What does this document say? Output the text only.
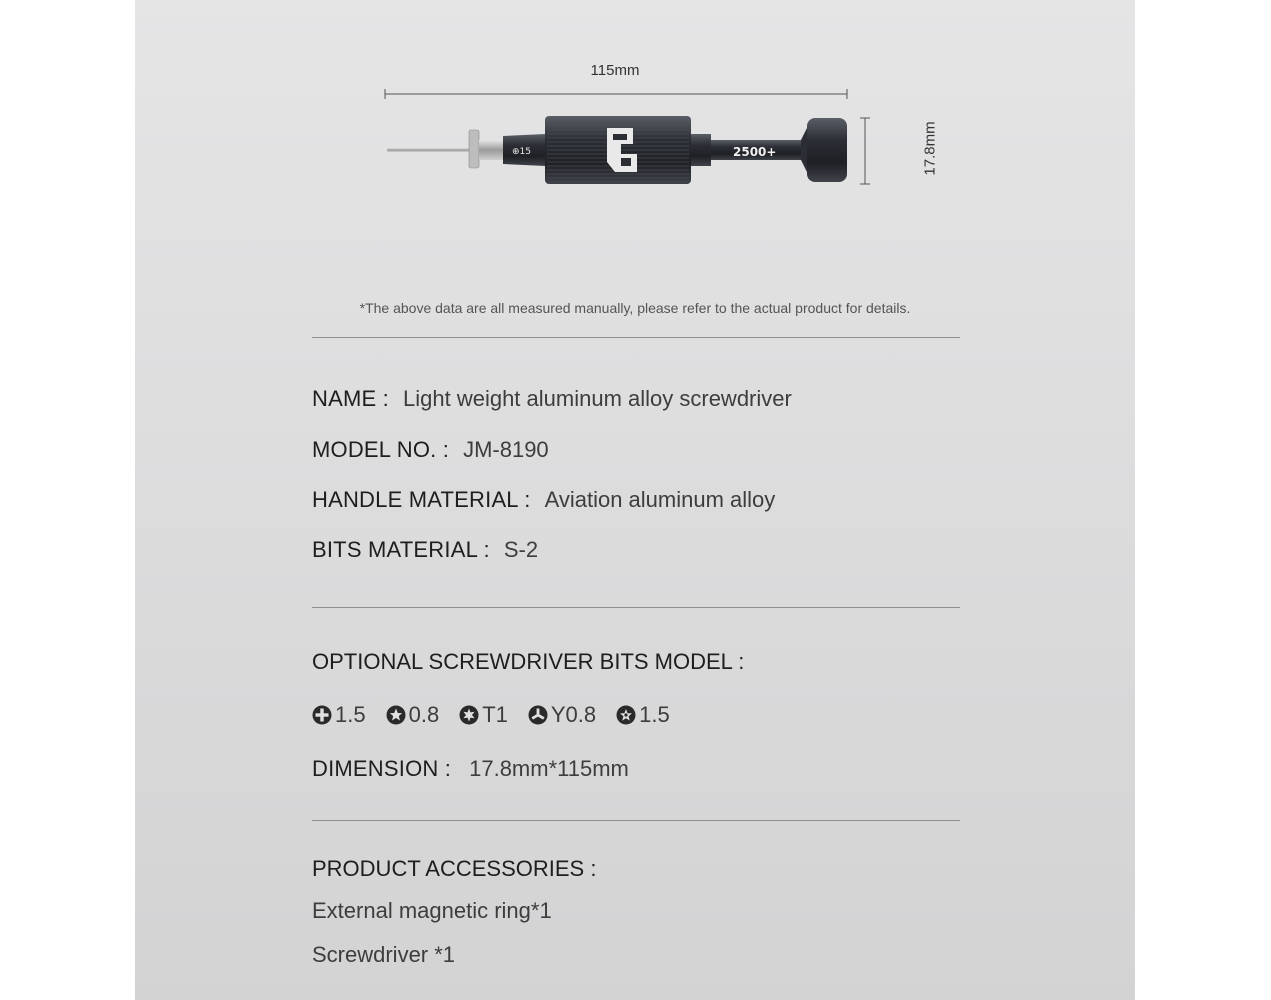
⊕15	2500+
115mm
17.8mm
*The above data are all measured manually, please refer to the actual product for details.
NAME : Light weight aluminum alloy screwdriver
MODEL NO. : JM-8190
HANDLE MATERIAL : Aviation aluminum alloy
BITS MATERIAL : S-2
OPTIONAL SCREWDRIVER BITS MODEL :
1.5 0.8 T1 Y0.8 1.5
DIMENSION : 17.8mm*115mm
PRODUCT ACCESSORIES :
External magnetic ring*1
Screwdriver *1
